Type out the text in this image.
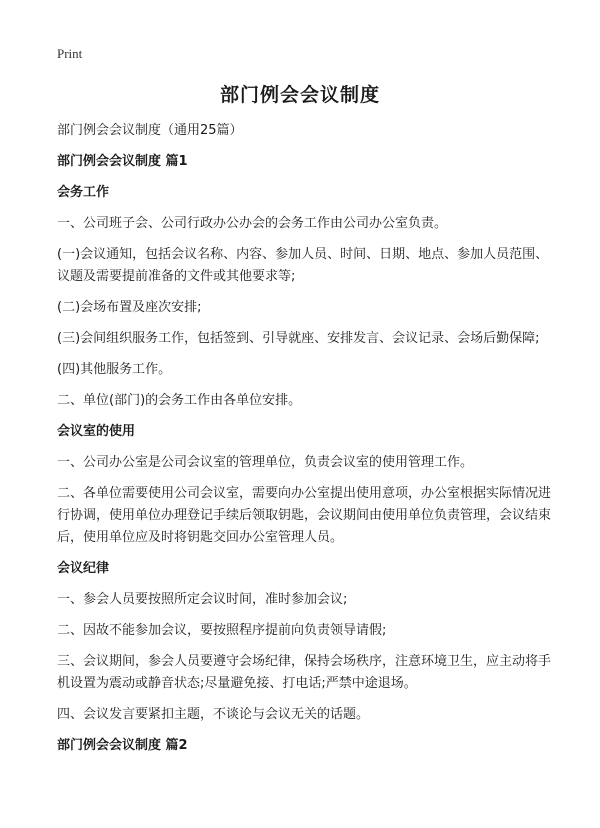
Print
部门例会会议制度
部门例会会议制度（通用25篇）
部门例会会议制度 篇1
会务工作
一、公司班子会、公司行政办公办会的会务工作由公司办公室负责。
(一)会议通知，包括会议名称、内容、参加人员、时间、日期、地点、参加人员范围、议题及需要提前准备的文件或其他要求等;
(二)会场布置及座次安排;
(三)会间组织服务工作，包括签到、引导就座、安排发言、会议记录、会场后勤保障;
(四)其他服务工作。
二、单位(部门)的会务工作由各单位安排。
会议室的使用
一、公司办公室是公司会议室的管理单位，负责会议室的使用管理工作。
二、各单位需要使用公司会议室，需要向办公室提出使用意项，办公室根据实际情况进行协调，使用单位办理登记手续后领取钥匙，会议期间由使用单位负责管理，会议结束后，使用单位应及时将钥匙交回办公室管理人员。
会议纪律
一、参会人员要按照所定会议时间，准时参加会议;
二、因故不能参加会议，要按照程序提前向负责领导请假;
三、会议期间，参会人员要遵守会场纪律，保持会场秩序，注意环境卫生，应主动将手机设置为震动或静音状态;尽量避免接、打电话;严禁中途退场。
四、会议发言要紧扣主题，不谈论与会议无关的话题。
部门例会会议制度 篇2
